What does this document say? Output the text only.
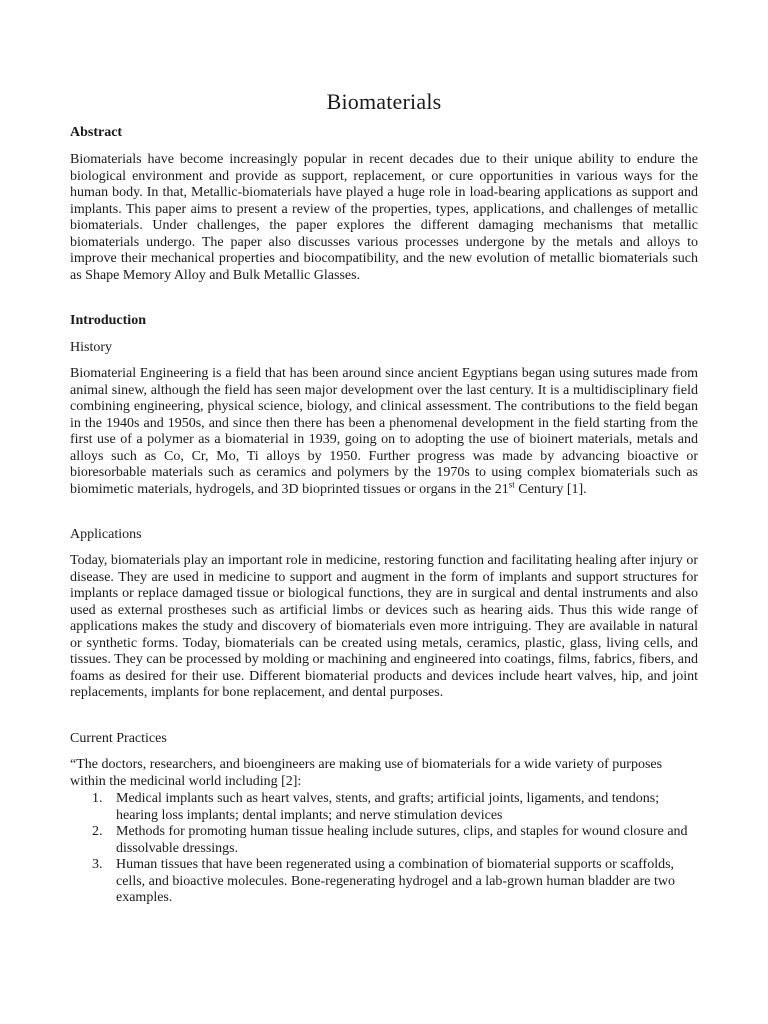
Biomaterials
Abstract
Biomaterials have become increasingly popular in recent decades due to their unique ability to endure the biological environment and provide as support, replacement, or cure opportunities in various ways for the human body. In that, Metallic-biomaterials have played a huge role in load-bearing applications as support and implants. This paper aims to present a review of the properties, types, applications, and challenges of metallic biomaterials. Under challenges, the paper explores the different damaging mechanisms that metallic biomaterials undergo. The paper also discusses various processes undergone by the metals and alloys to improve their mechanical properties and biocompatibility, and the new evolution of metallic biomaterials such as Shape Memory Alloy and Bulk Metallic Glasses.
Introduction
History
Biomaterial Engineering is a field that has been around since ancient Egyptians began using sutures made from animal sinew, although the field has seen major development over the last century. It is a multidisciplinary field combining engineering, physical science, biology, and clinical assessment. The contributions to the field began in the 1940s and 1950s, and since then there has been a phenomenal development in the field starting from the first use of a polymer as a biomaterial in 1939, going on to adopting the use of bioinert materials, metals and alloys such as Co, Cr, Mo, Ti alloys by 1950. Further progress was made by advancing bioactive or bioresorbable materials such as ceramics and polymers by the 1970s to using complex biomaterials such as biomimetic materials, hydrogels, and 3D bioprinted tissues or organs in the 21st Century [1].
Applications
Today, biomaterials play an important role in medicine, restoring function and facilitating healing after injury or disease. They are used in medicine to support and augment in the form of implants and support structures for implants or replace damaged tissue or biological functions, they are in surgical and dental instruments and also used as external prostheses such as artificial limbs or devices such as hearing aids. Thus this wide range of applications makes the study and discovery of biomaterials even more intriguing. They are available in natural or synthetic forms. Today, biomaterials can be created using metals, ceramics, plastic, glass, living cells, and tissues. They can be processed by molding or machining and engineered into coatings, films, fabrics, fibers, and foams as desired for their use. Different biomaterial products and devices include heart valves, hip, and joint replacements, implants for bone replacement, and dental purposes.
Current Practices
“The doctors, researchers, and bioengineers are making use of biomaterials for a wide variety of purposes within the medicinal world including [2]:
1. Medical implants such as heart valves, stents, and grafts; artificial joints, ligaments, and tendons; hearing loss implants; dental implants; and nerve stimulation devices
2. Methods for promoting human tissue healing include sutures, clips, and staples for wound closure and dissolvable dressings.
3. Human tissues that have been regenerated using a combination of biomaterial supports or scaffolds, cells, and bioactive molecules. Bone-regenerating hydrogel and a lab-grown human bladder are two examples.
